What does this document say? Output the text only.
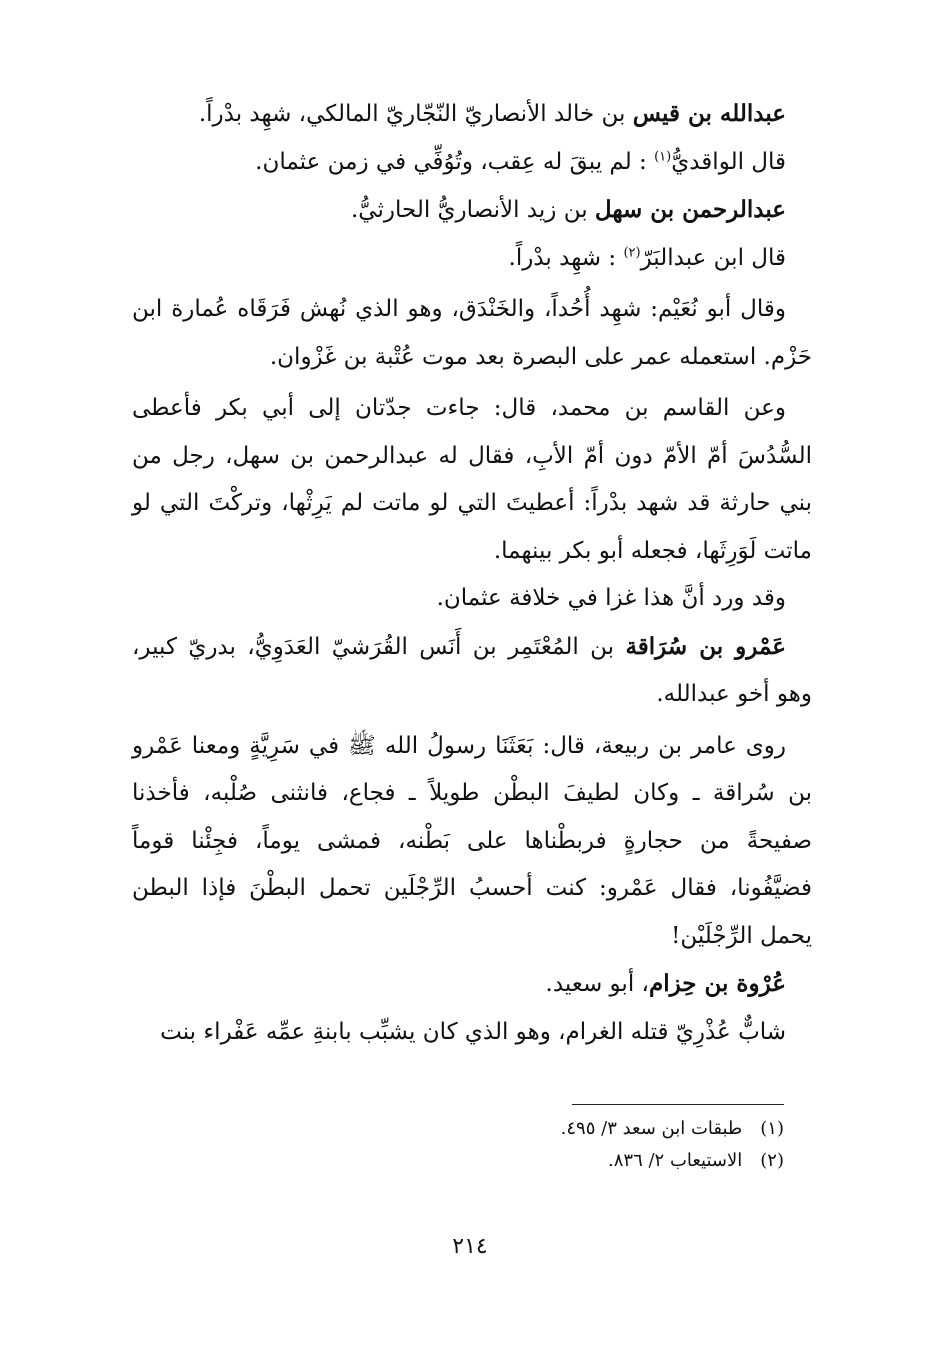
عبدالله بن قيس بن خالد الأنصاريّ النّجّاريّ المالكي، شهِد بدْراً.

قال الواقديُّ$^{(١)}$ : لم يبقَ له عِقب، وتُوُفِّي في زمن عثمان.

عبدالرحمن بن سهل بن زيد الأنصاريُّ الحارثيُّ.

قال ابن عبدالبَرّ$^{(٢)}$ : شهِد بدْراً.

وقال أبو نُعَيْم: شهِد أُحُداً، والخَنْدَق، وهو الذي نُهش فَرَقَاه عُمارة ابن حَزْم. استعمله عمر على البصرة بعد موت عُتْبة بن غَزْوان.

وعن القاسم بن محمد، قال: جاءت جدّتان إلى أبي بكر فأعطى السُّدُسَ أمّ الأمّ دون أمّ الأبِ، فقال له عبدالرحمن بن سهل، رجل من بني حارثة قد شهد بدْراً: أعطيتَ التي لو ماتت لم يَرِثْها، وتركْتَ التي لو ماتت لَوَرِثَها، فجعله أبو بكر بينهما.

وقد ورد أنَّ هذا غزا في خلافة عثمان.

عَمْرو بن سُرَاقة بن المُعْتَمِر بن أَنَس القُرَشيّ العَدَوِيُّ، بدريّ كبير، وهو أخو عبدالله.

روى عامر بن ربيعة، قال: بَعَثَنَا رسولُ الله ﷺ في سَرِيَّةٍ ومعنا عَمْرو بن سُراقة ـ وكان لطيفَ البطْن طويلاً ـ فجاع، فانثنى صُلْبه، فأخذنا صفيحةً من حجارةٍ فربطْناها على بَطْنه، فمشى يوماً، فجِئْنا قوماً فضيَّفُونا، فقال عَمْرو: كنت أحسبُ الرِّجْلَين تحمل البطْنَ فإذا البطن يحمل الرِّجْلَيْن!

عُرْوة بن حِزام، أبو سعيد.

شابٌّ عُذْرِيّ قتله الغرام، وهو الذي كان يشبِّب بابنةِ عمِّه عَفْراء بنت

(١)طبقات ابن سعد ٣/ ٤٩٥.

(٢)الاستيعاب ٢/ ٨٣٦.

٢١٤
